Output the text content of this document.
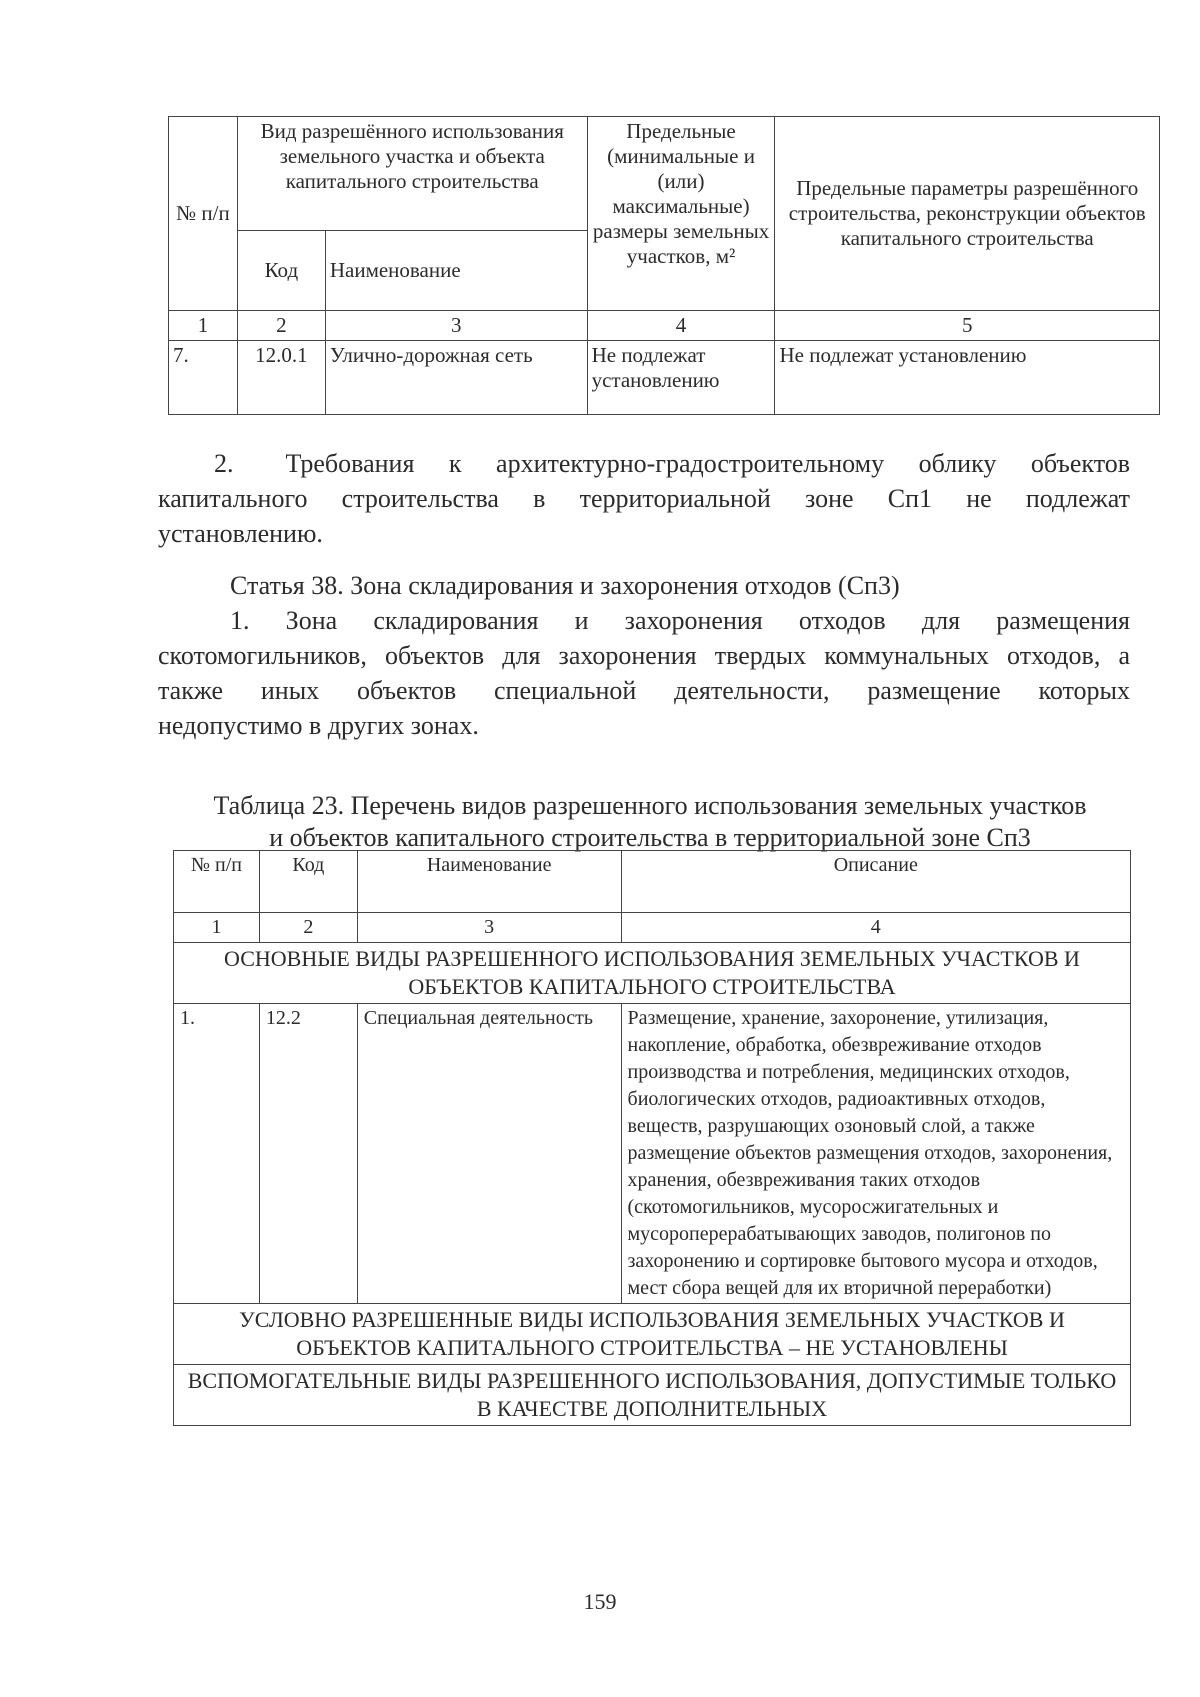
№ п/п	Вид разрешённого использования земельного участка и объекта капитального строительства		Предельные (минимальные и (или) максимальные) размеры земельных участков, м²	Предельные параметры разрешённого строительства, реконструкции объектов капитального строительства
	Код	Наименование		
1	2	3	4	5
7.	12.0.1	Улично-дорожная сеть	Не подлежат установлению	Не подлежат установлению
2.  Требования к архитектурно-градостроительному облику объектов
капитального строительства в территориальной зоне Сп1 не подлежат
установлению.
Статья 38. Зона складирования и захоронения отходов (Сп3)
1. Зона складирования и захоронения отходов для размещения
скотомогильников, объектов для захоронения твердых коммунальных отходов, а
также иных объектов специальной деятельности, размещение которых
недопустимо в других зонах.
Таблица 23. Перечень видов разрешенного использования земельных участков
и объектов капитального строительства в территориальной зоне Сп3
№ п/п	Код	Наименование	Описание
1	2	3	4
ОСНОВНЫЕ ВИДЫ РАЗРЕШЕННОГО ИСПОЛЬЗОВАНИЯ ЗЕМЕЛЬНЫХ УЧАСТКОВ И ОБЪЕКТОВ КАПИТАЛЬНОГО СТРОИТЕЛЬСТВА			
1.	12.2	Специальная деятельность	Размещение, хранение, захоронение, утилизация, накопление, обработка, обезвреживание отходов производства и потребления, медицинских отходов, биологических отходов, радиоактивных отходов, веществ, разрушающих озоновый слой, а также размещение объектов размещения отходов, захоронения, хранения, обезвреживания таких отходов (скотомогильников, мусоросжигательных и мусороперерабатывающих заводов, полигонов по захоронению и сортировке бытового мусора и отходов, мест сбора вещей для их вторичной переработки)
УСЛОВНО РАЗРЕШЕННЫЕ ВИДЫ ИСПОЛЬЗОВАНИЯ ЗЕМЕЛЬНЫХ УЧАСТКОВ И ОБЪЕКТОВ КАПИТАЛЬНОГО СТРОИТЕЛЬСТВА – НЕ УСТАНОВЛЕНЫ			
ВСПОМОГАТЕЛЬНЫЕ ВИДЫ РАЗРЕШЕННОГО ИСПОЛЬЗОВАНИЯ, ДОПУСТИМЫЕ ТОЛЬКО В КАЧЕСТВЕ ДОПОЛНИТЕЛЬНЫХ			
159
